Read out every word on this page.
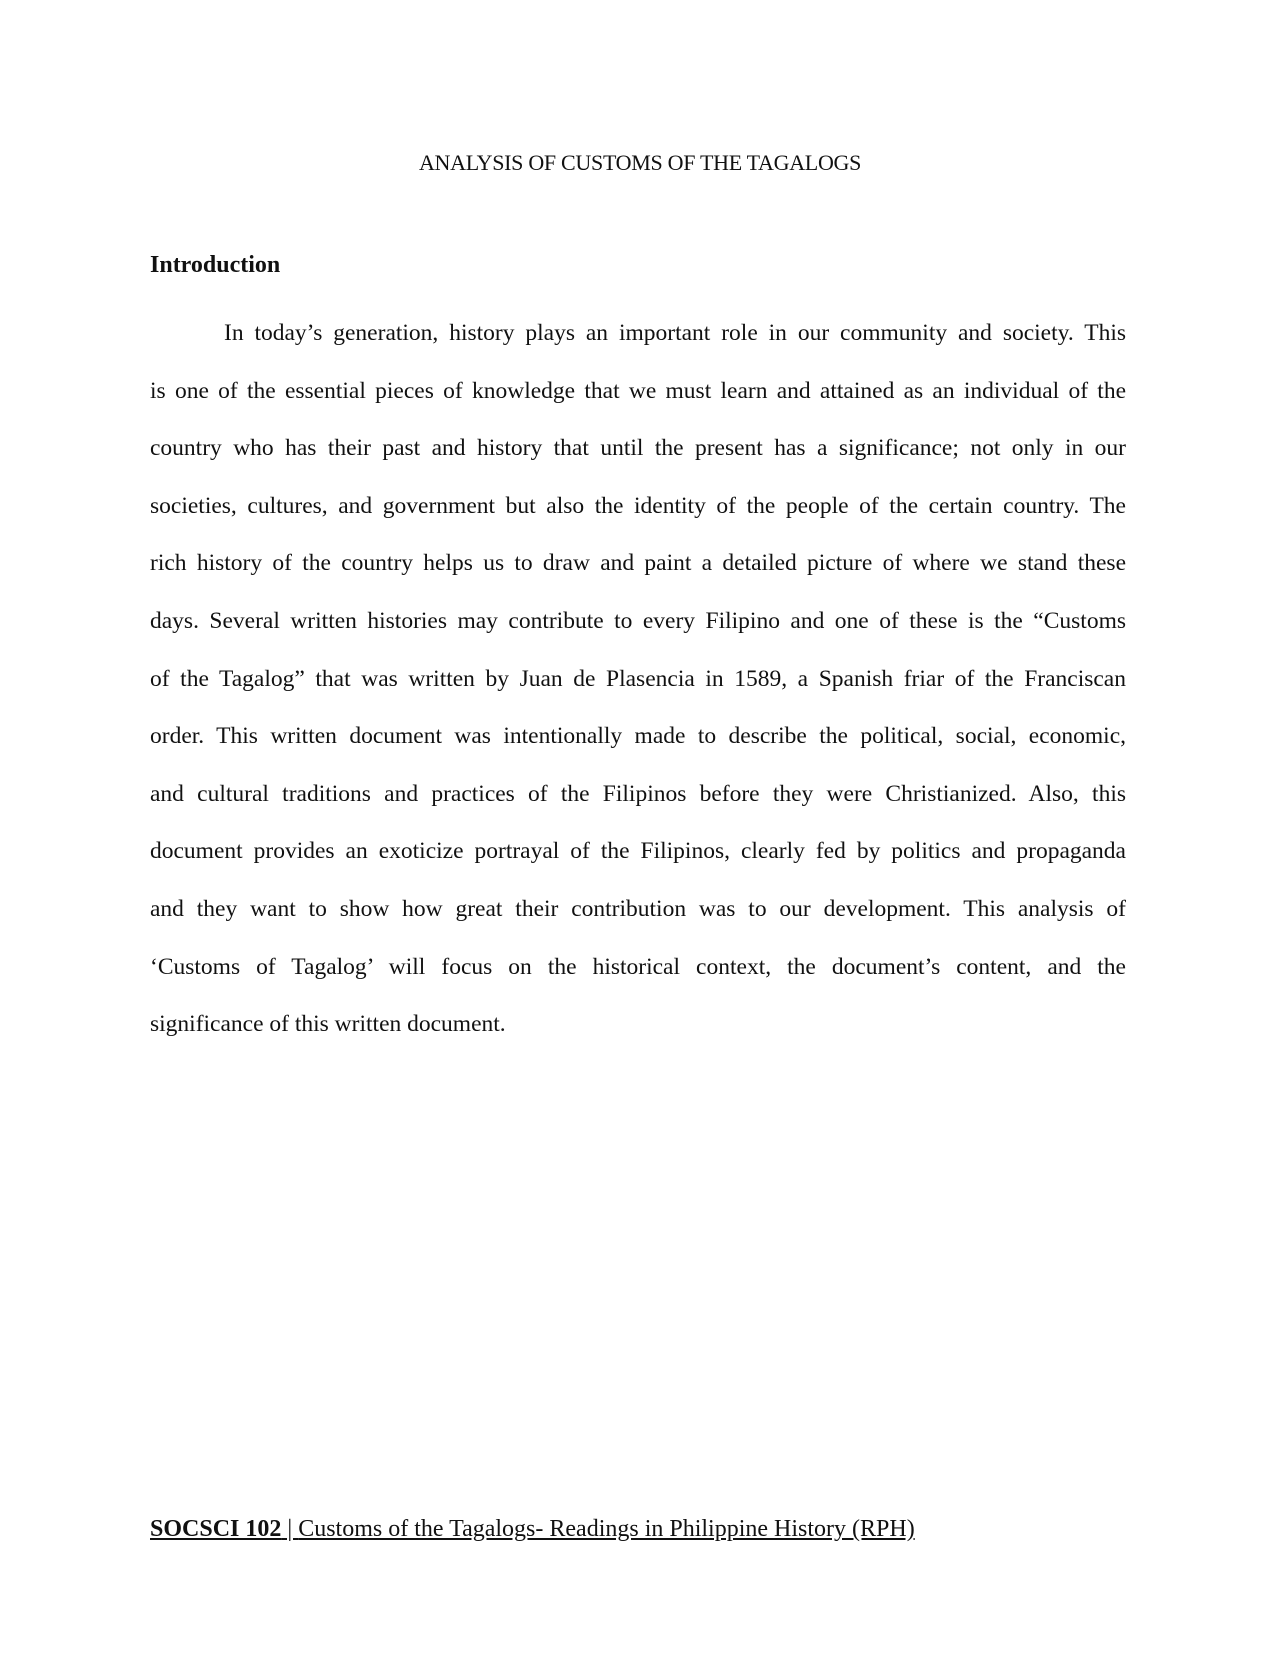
ANALYSIS OF CUSTOMS OF THE TAGALOGS
Introduction
In today’s generation, history plays an important role in our community and society. This
is one of the essential pieces of knowledge that we must learn and attained as an individual of the
country who has their past and history that until the present has a significance; not only in our
societies, cultures, and government but also the identity of the people of the certain country. The
rich history of the country helps us to draw and paint a detailed picture of where we stand these
days. Several written histories may contribute to every Filipino and one of these is the “Customs
of the Tagalog” that was written by Juan de Plasencia in 1589, a Spanish friar of the Franciscan
order. This written document was intentionally made to describe the political, social, economic,
and cultural traditions and practices of the Filipinos before they were Christianized. Also, this
document provides an exoticize portrayal of the Filipinos, clearly fed by politics and propaganda
and they want to show how great their contribution was to our development. This analysis of
‘Customs of Tagalog’ will focus on the historical context, the document’s content, and the
significance of this written document.
SOCSCI 102 | Customs of the Tagalogs- Readings in Philippine History (RPH)
